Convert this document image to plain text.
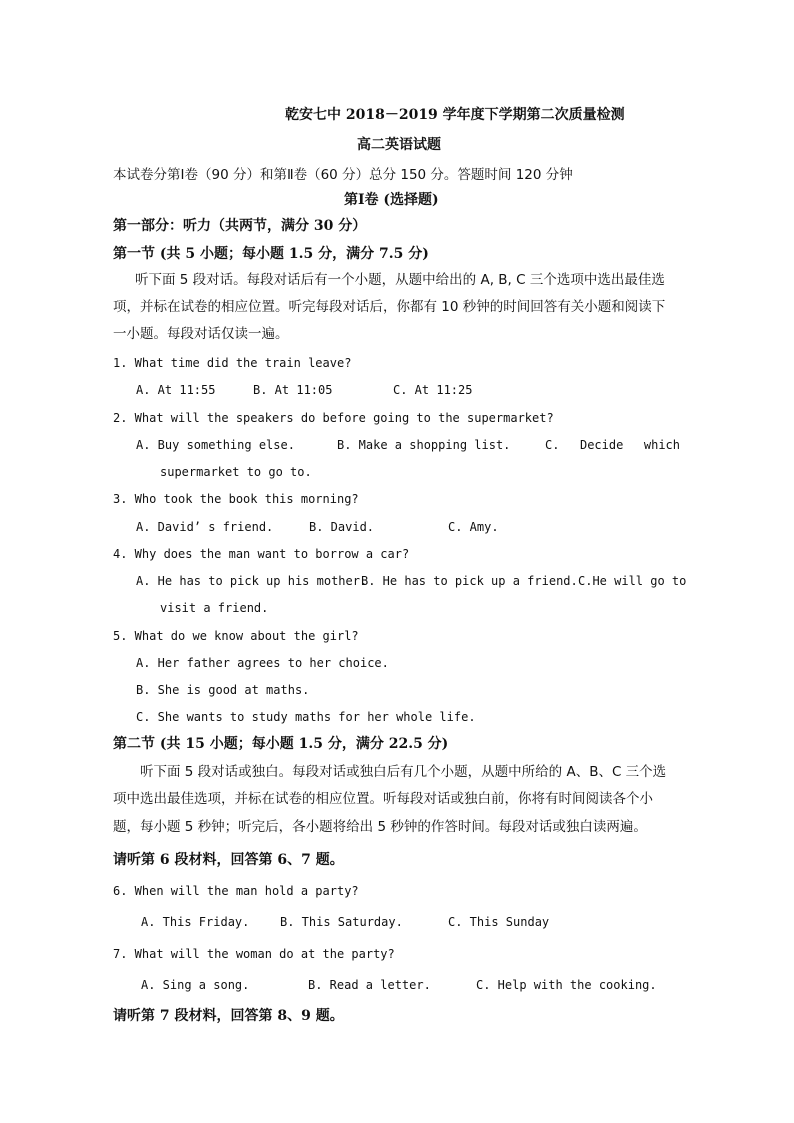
乾安七中 2018－2019 学年度下学期第二次质量检测
高二英语试题
本试卷分第Ⅰ卷（90 分）和第Ⅱ卷（60 分）总分 150 分。答题时间 120 分钟
第Ⅰ卷 (选择题)
第一部分：听力（共两节，满分 30 分）
第一节 (共 5 小题；每小题 1.5 分，满分 7.5 分)
听下面 5 段对话。每段对话后有一个小题，从题中给出的 A, B, C 三个选项中选出最佳选
项，并标在试卷的相应位置。听完每段对话后，你都有 10 秒钟的时间回答有关小题和阅读下
一小题。每段对话仅读一遍。
1. What time did the train leave?
A. At 11:55	B. At 11:05	C. At 11:25
2. What will the speakers do before going to the supermarket?
A. Buy something else.	B. Make a shopping list.	C. Decide which
supermarket to go to.
3. Who took the book this morning?
A. David’ s friend.	B. David.	C. Amy.
4. Why does the man want to borrow a car?
A. He has to pick up his mother.
B. He has to pick up a friend. C.He will go to
visit a friend.
5. What do we know about the girl?
A. Her father agrees to her choice.
B. She is good at maths.
C. She wants to study maths for her whole life.
第二节 (共 15 小题；每小题 1.5 分，满分 22.5 分)
听下面 5 段对话或独白。每段对话或独白后有几个小题，从题中所给的 A、B、C 三个选
项中选出最佳选项，并标在试卷的相应位置。听每段对话或独白前，你将有时间阅读各个小
题，每小题 5 秒钟；听完后，各小题将给出 5 秒钟的作答时间。每段对话或独白读两遍。
请听第 6 段材料，回答第 6、7 题。
6. When will the man hold a party?
A. This Friday.	B. This Saturday.	C. This Sunday
7. What will the woman do at the party?
A. Sing a song.	B. Read a letter.	C. Help with the cooking.
请听第 7 段材料，回答第 8、9 题。
